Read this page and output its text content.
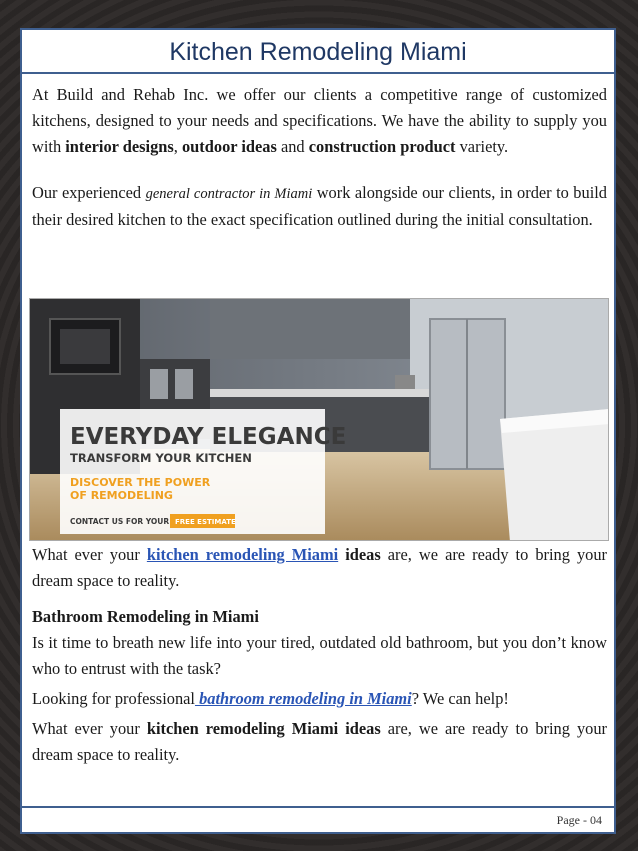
Kitchen Remodeling Miami

At Build and Rehab Inc. we offer our clients a competitive range of customized kitchens, designed to your needs and specifications. We have the ability to supply you with interior designs, outdoor ideas and construction product variety.

Our experienced general contractor in Miami work alongside our clients, in order to build their desired kitchen to the exact specification outlined during the initial consultation.

EVERYDAY ELEGANCE
TRANSFORM YOUR KITCHEN
DISCOVER THE POWER
OF REMODELING
CONTACT US FOR YOUR FREE ESTIMATE

What ever your kitchen remodeling Miami ideas are, we are ready to bring your dream space to reality.

Bathroom Remodeling in Miami

Is it time to breath new life into your tired, outdated old bathroom, but you don’t know who to entrust with the task?

Looking for professional bathroom remodeling in Miami? We can help!

What ever your kitchen remodeling Miami ideas are, we are ready to bring your dream space to reality.

Page - 04
